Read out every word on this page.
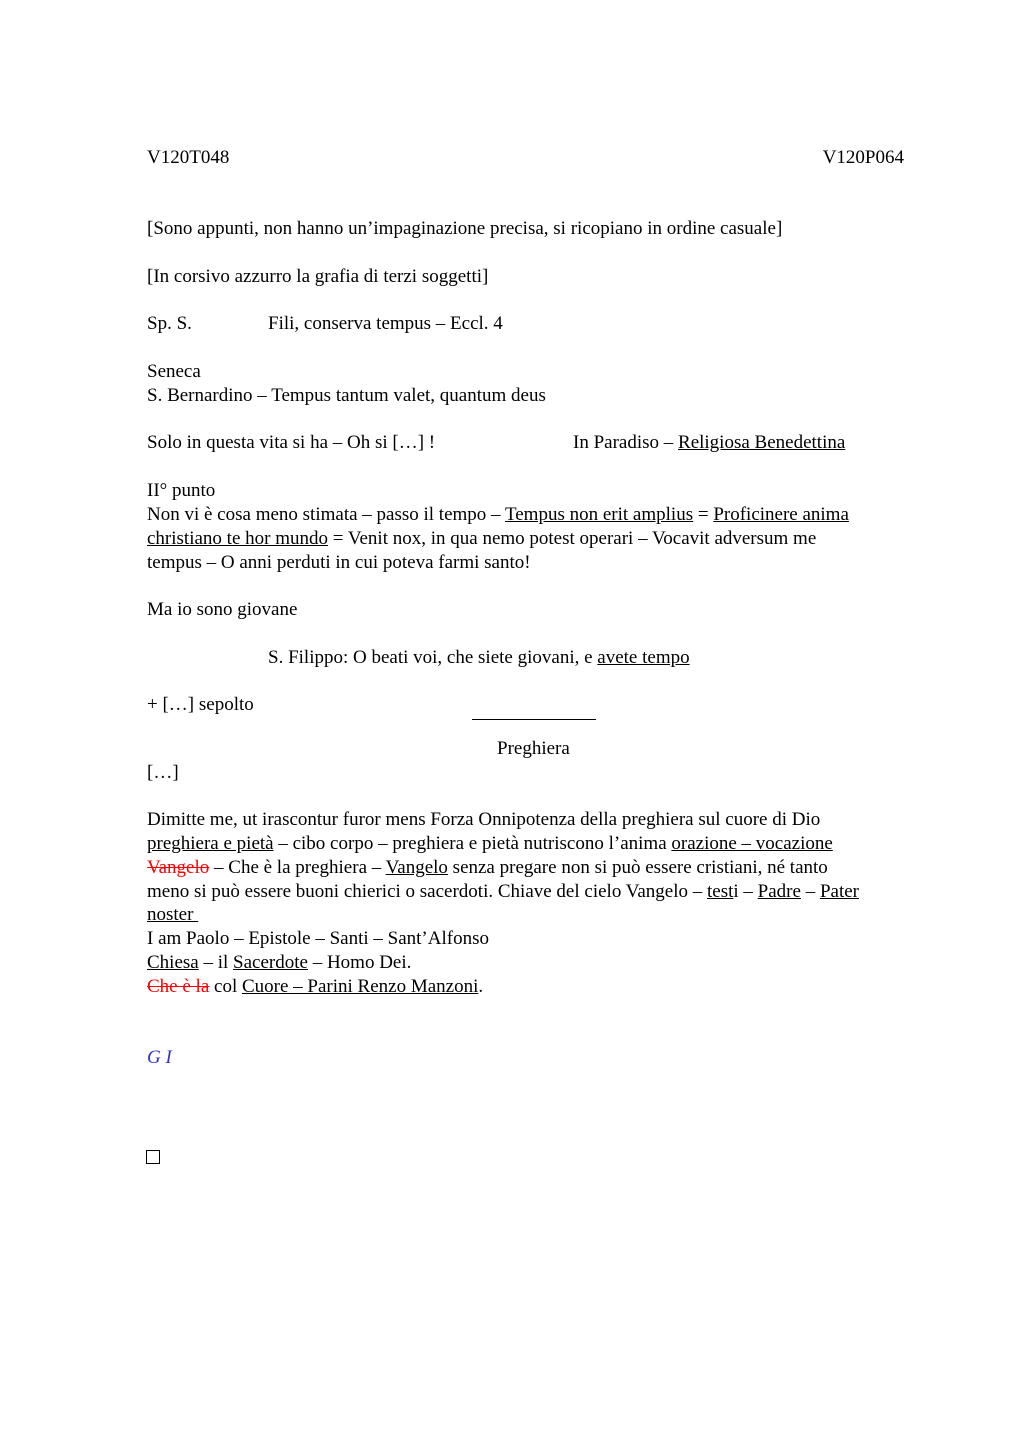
V120T048	V120P064
[Sono appunti, non hanno un’impaginazione precisa, si ricopiano in ordine casuale]
[In corsivo azzurro la grafia di terzi soggetti]
Sp. S.	Fili, conserva tempus – Eccl. 4
Seneca
S. Bernardino – Tempus tantum valet, quantum deus
Solo in questa vita si ha – Oh si […] !	In Paradiso – Religiosa Benedettina
II° punto
Non vi è cosa meno stimata – passo il tempo – Tempus non erit amplius = Proficinere anima
christiano te hor mundo = Venit nox, in qua nemo potest operari – Vocavit adversum me
tempus – O anni perduti in cui poteva farmi santo!
Ma io sono giovane
S. Filippo: O beati voi, che siete giovani, e avete tempo
+ […] sepolto
Preghiera
[…]
Dimitte me, ut irascontur furor mens Forza Onnipotenza della preghiera sul cuore di Dio
preghiera e pietà – cibo corpo – preghiera e pietà nutriscono l’anima orazione – vocazione
Vangelo – Che è la preghiera – Vangelo senza pregare non si può essere cristiani, né tanto
meno si può essere buoni chierici o sacerdoti. Chiave del cielo Vangelo – testi – Padre – Pater
noster
I am Paolo – Epistole – Santi – Sant’Alfonso
Chiesa – il Sacerdote – Homo Dei.
Che è la col Cuore – Parini Renzo Manzoni.
G I
